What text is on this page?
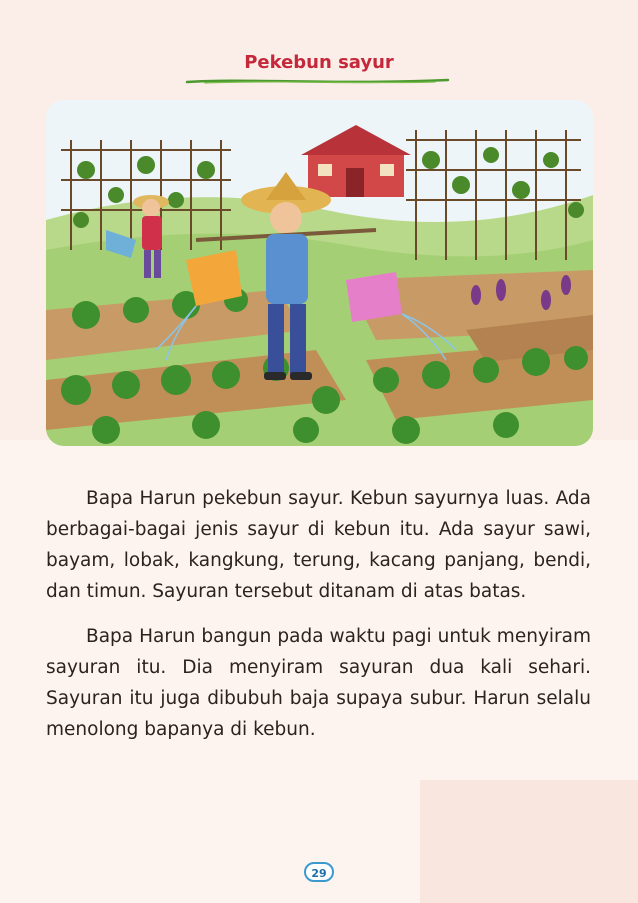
Pekebun sayur

Bapa Harun pekebun sayur. Kebun sayurnya luas. Ada berbagai-bagai jenis sayur di kebun itu. Ada sayur sawi, bayam, lobak, kangkung, terung, kacang panjang, bendi, dan timun. Sayuran tersebut ditanam di atas batas.

Bapa Harun bangun pada waktu pagi untuk menyiram sayuran itu. Dia menyiram sayuran dua kali sehari. Sayuran itu juga dibubuh baja supaya subur. Harun selalu menolong bapanya di kebun.

29
